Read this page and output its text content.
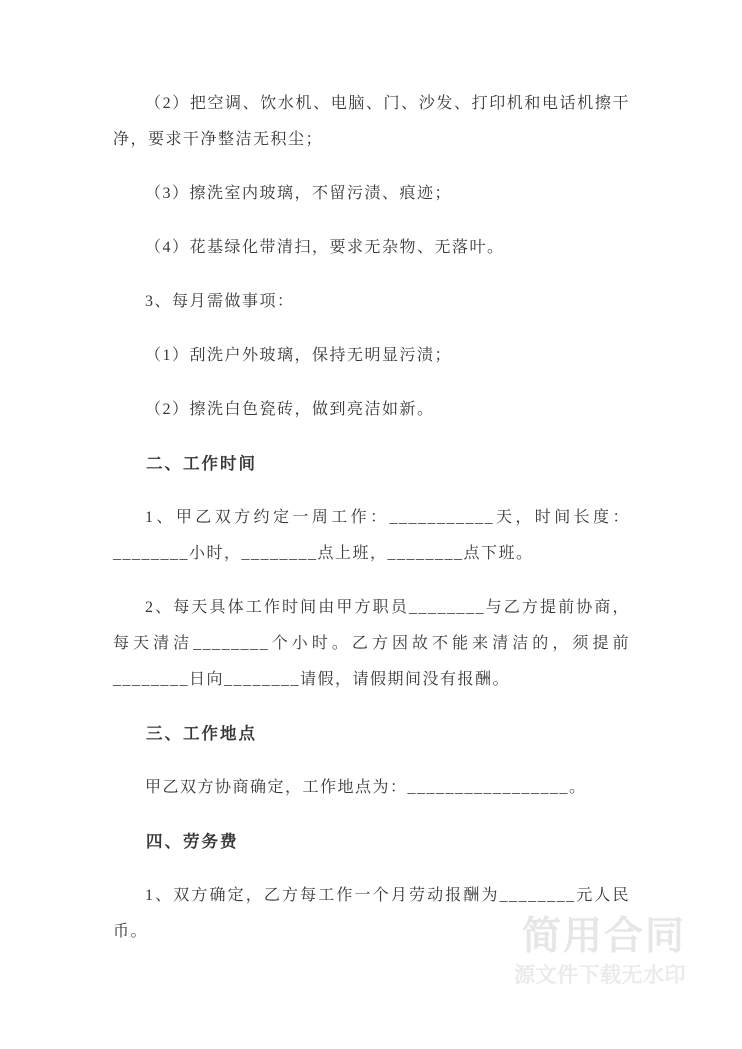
（2）把空调、饮水机、电脑、门、沙发、打印机和电话机擦干净，要求干净整洁无积尘；
（3）擦洗室内玻璃，不留污渍、痕迹；
（4）花基绿化带清扫，要求无杂物、无落叶。
3、每月需做事项：
（1）刮洗户外玻璃，保持无明显污渍；
（2）擦洗白色瓷砖，做到亮洁如新。
二、工作时间
1、甲乙双方约定一周工作：___________天，时间长度：________小时，________点上班，________点下班。
2、每天具体工作时间由甲方职员________与乙方提前协商，每天清洁________个小时。乙方因故不能来清洁的，须提前________日向________请假，请假期间没有报酬。
三、工作地点
甲乙双方协商确定，工作地点为：_________________。
四、劳务费
1、双方确定，乙方每工作一个月劳动报酬为________元人民币。	简用合同
源文件下载无水印
